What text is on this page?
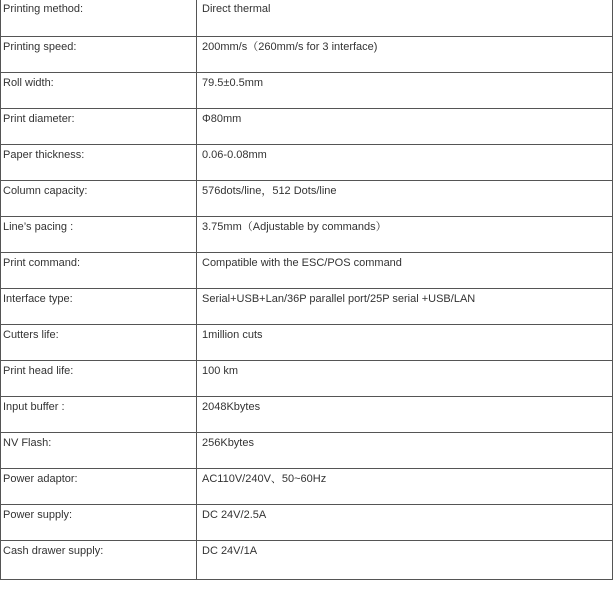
Printing method:	Direct thermal

Printing speed:	200mm/s（260mm/s for 3 interface)

Roll width:	79.5±0.5mm

Print diameter:	Φ80mm

Paper thickness:	0.06-0.08mm

Column capacity:	576dots/line，512 Dots/line

Line’s pacing :	3.75mm（Adjustable by commands）

Print command:	Compatible with the ESC/POS command

Interface type:	Serial+USB+Lan/36P parallel port/25P serial +USB/LAN

Cutters life:	1million cuts

Print head life:	100 km

Input buffer :	2048Kbytes

NV Flash:	256Kbytes

Power adaptor:	AC110V/240V、50~60Hz

Power supply:	DC 24V/2.5A

Cash drawer supply:	DC 24V/1A
